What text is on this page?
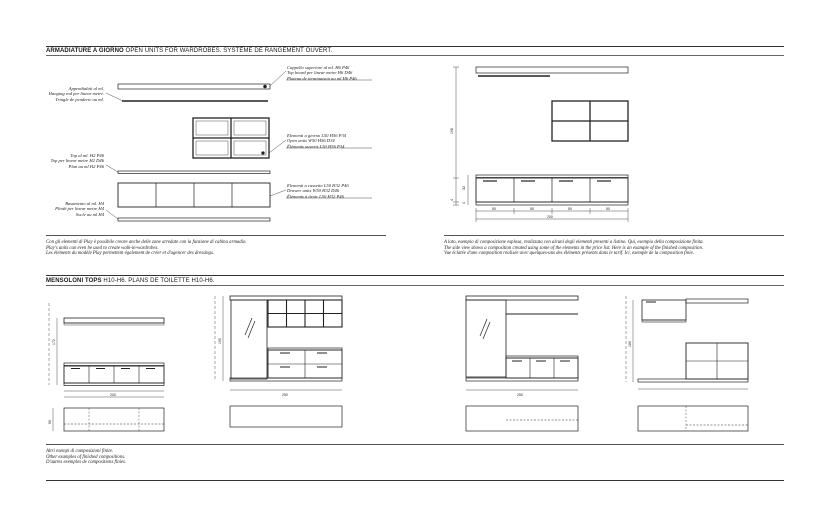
ARMADIATURE A GIORNO OPEN UNITS FOR WARDROBES. SYSTÈME DE RANGEMENT OUVERT.
Appendiabiti al ml.
Hanging rod per linear metre.
Tringle de penderie au ml.
Top al ml. H2 P46
Top per linear metre H2 D46
Plan au ml H2 P46
Basamento al ml. H4
Plinth per linear metre H4
Socle au ml H4
Cappello superiore al ml. H6 P46
Top board per linear metre H6 D46
Plateau de terminaison au ml H6 P46
Elementi a giorno L50 H56 P34
Open units W50 H56 D34
Éléments ouverts L50 H56 P34
Elementi a cassetto L50 H32 P46
Drawer units W50 H32 D46
Éléments à tiroir L50 H32 P46
198
32
4
4
50	50	50	50
200
Con gli elementi di Play è possibile creare anche delle zone arredate con la funzione di cabina armadio.
Play's units can even be used to create walk-in-wardrobes.
Les éléments du modèle Play permettent également de créer et d'agencer des dressings.
A lato, esempio di composizione esplosa, realizzata con alcuni degli elementi presenti a listino. Qui, esempio della composizione finita.
The side view shows a composition created using some of the elements in the price list. Here is an example of the finished composition.
Vue éclatée d'une composition réalisée avec quelques-uns des éléments présents dans le tarif. Ici, exemple de la composition finie.
MENSOLONI TOPS H10-H6. PLANS DE TOILETTE H10-H6.
172
200
56
190
250	250
180
Altri esempi di composizioni finite.
Other examples of finished compositions.
D'autres exemples de compositions finies.
